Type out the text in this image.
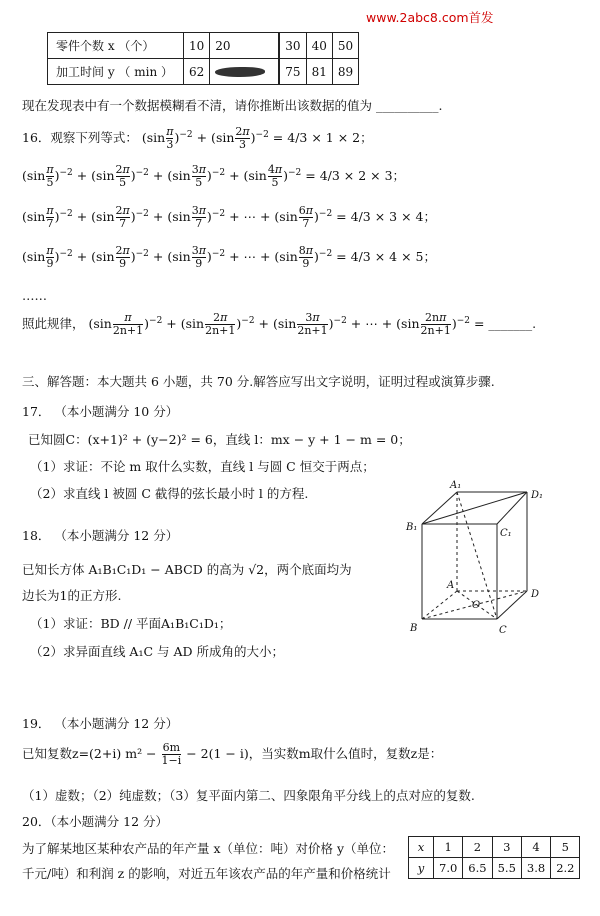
www.2abc8.com首发
零件个数 x （个）	10	20		30	40	50
加工时间 y （ min ）	62			75	81	89
现在发现表中有一个数据模糊看不清，请你推断出该数据的值为 __________.
16．观察下列等式： $(\sin \frac{\pi}{3} )^{-2} + (\sin \frac{2\pi}{3} )^{-2} = 4/3 \times 1 \times 2$；
$(\sin \frac{\pi}{5} )^{-2} + (\sin \frac{2\pi}{5} )^{-2} + (\sin \frac{3\pi}{5} )^{-2} + (\sin \frac{4\pi}{5} )^{-2} = 4/3 \times 2 \times 3$；
$(\sin \frac{\pi}{7} )^{-2} + (\sin \frac{2\pi}{7} )^{-2} + (\sin \frac{3\pi}{7} )^{-2}$ + ⋯ + $(\sin \frac{6\pi}{7} )^{-2} = 4/3 \times 3 \times 4$；
$(\sin \frac{\pi}{9} )^{-2} + (\sin \frac{2\pi}{9} )^{-2} + (\sin \frac{3\pi}{9} )^{-2}$ + ⋯ + $(\sin \frac{8\pi}{9} )^{-2} = 4/3 \times 4 \times 5$；
……
照此规律， $(\sin \frac{\pi}{2n+1} )^{-2} + (\sin \frac{2\pi}{2n+1} )^{-2} + (\sin \frac{3\pi}{2n+1} )^{-2}$ + ⋯ + $(\sin \frac{2n\pi}{2n+1} )^{-2}$ = _______.
三、解答题：本大题共 6 小题，共 70 分.解答应写出文字说明，证明过程或演算步骤.
17． （本小题满分 10 分）
已知圆C：(x+1)² + (y−2)² = 6，直线 l：mx − y + 1 − m = 0；
（1）求证：不论 m 取什么实数，直线 l 与圆 C 恒交于两点；
（2）求直线 l 被圆 C 截得的弦长最小时 l 的方程.
18． （本小题满分 12 分）
已知长方体 A₁B₁C₁D₁ − ABCD 的高为 √2，两个底面均为
边长为1的正方形.
（1）求证：BD // 平面A₁B₁C₁D₁；
（2）求异面直线 A₁C 与 AD 所成角的大小；
A₁
D₁
B₁
C₁
A
D
B	C
O
19． （本小题满分 12 分）
已知复数z=(2+i) $m^2 - \frac{6m}{1-i} - 2(1 - i)$，当实数m取什么值时，复数z是：
（1）虚数；（2）纯虚数；（3）复平面内第二、四象限角平分线上的点对应的复数.
20．（本小题满分 12 分）
为了解某地区某种农产品的年产量 x（单位：吨）对价格 y（单位：
千元/吨）和利润 z 的影响，对近五年该农产品的年产量和价格统计
x	1	2	3	4	5
y	7.0	6.5	5.5	3.8	2.2
